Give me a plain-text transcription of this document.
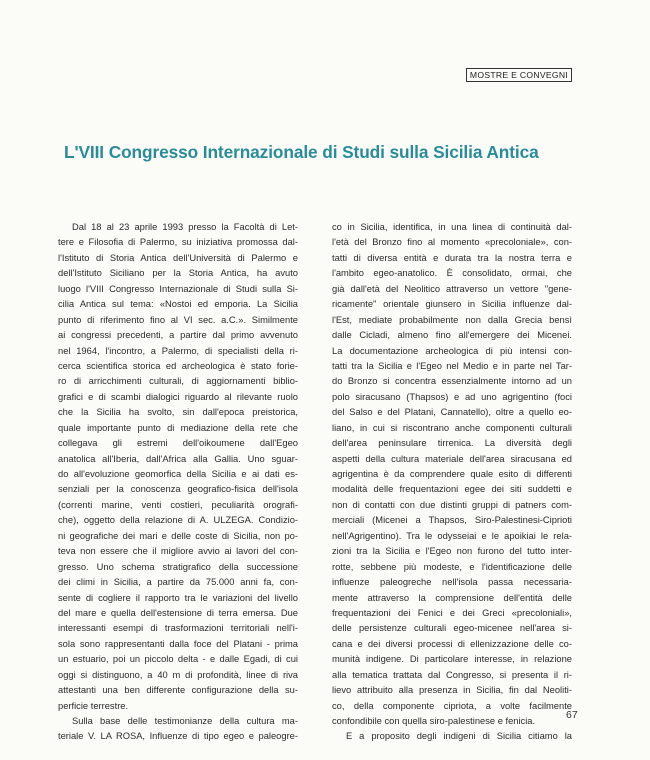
MOSTRE E CONVEGNI
L'VIII Congresso Internazionale di Studi sulla Sicilia Antica

Dal 18 al 23 aprile 1993 presso la Facoltà di Let-

tere e Filosofia di Palermo, su iniziativa promossa dal-

l'Istituto di Storia Antica dell'Università di Palermo e

dell'Istituto Siciliano per la Storia Antica, ha avuto

luogo l'VIII Congresso Internazionale di Studi sulla Si-

cilia Antica sul tema: «Nostoi ed emporia. La Sicilia

punto di riferimento fino al VI sec. a.C.». Similmente

ai congressi precedenti, a partire dal primo avvenuto

nel 1964, l'incontro, a Palermo, di specialisti della ri-

cerca scientifica storica ed archeologica è stato forie-

ro di arricchimenti culturali, di aggiornamenti biblio-

grafici e di scambi dialogici riguardo al rilevante ruolo

che la Sicilia ha svolto, sin dall'epoca preistorica,

quale importante punto di mediazione della rete che

collegava gli estremi dell'oikoumene dall'Egeo

anatolica all'Iberia, dall'Africa alla Gallia. Uno sguar-

do all'evoluzione geomorfica della Sicilia e ai dati es-

senziali per la conoscenza geografico-fisica dell'isola

(correnti marine, venti costieri, peculiarità orografi-

che), oggetto della relazione di A. ULZEGA. Condizio-

ni geografiche dei mari e delle coste di Sicilia, non po-

teva non essere che il migliore avvio ai lavori del con-

gresso. Uno schema stratigrafico della successione

dei climi in Sicilia, a partire da 75.000 anni fa, con-

sente di cogliere il rapporto tra le variazioni del livello

del mare e quella dell'estensione di terra emersa. Due

interessanti esempi di trasformazioni territoriali nell'i-

sola sono rappresentanti dalla foce del Platani - prima

un estuario, poi un piccolo delta - e dalle Egadi, di cui

oggi si distinguono, a 40 m di profondità, linee di riva

attestanti una ben differente configurazione della su-

perficie terrestre.

Sulla base delle testimonianze della cultura ma-

teriale V. LA ROSA, Influenze di tipo egeo e paleogre-

co in Sicilia, identifica, in una linea di continuità dal-

l'età del Bronzo fino al momento «precoloniale», con-

tatti di diversa entità e durata tra la nostra terra e

l'ambito egeo-anatolico. È consolidato, ormai, che

già dall'età del Neolitico attraverso un vettore ''gene-

ricamente'' orientale giunsero in Sicilia influenze dal-

l'Est, mediate probabilmente non dalla Grecia bensì

dalle Cicladi, almeno fino all'emergere dei Micenei.

La documentazione archeologica di più intensi con-

tatti tra la Sicilia e l'Egeo nel Medio e in parte nel Tar-

do Bronzo si concentra essenzialmente intorno ad un

polo siracusano (Thapsos) e ad uno agrigentino (foci

del Salso e del Platani, Cannatello), oltre a quello eo-

liano, in cui si riscontrano anche componenti culturali

dell'area peninsulare tirrenica. La diversità degli

aspetti della cultura materiale dell'area siracusana ed

agrigentina è da comprendere quale esito di differenti

modalità delle frequentazioni egee dei siti suddetti e

non di contatti con due distinti gruppi di patners com-

merciali (Micenei a Thapsos, Siro-Palestinesi-Ciprioti

nell'Agrigentino). Tra le odysseiai e le apoikiai le rela-

zioni tra la Sicilia e l'Egeo non furono del tutto inter-

rotte, sebbene più modeste, e l'identificazione delle

influenze paleogreche nell'isola passa necessaria-

mente attraverso la comprensione dell'entità delle

frequentazioni dei Fenici e dei Greci «precoloniali»,

delle persistenze culturali egeo-micenee nell'area si-

cana e dei diversi processi di ellenizzazione delle co-

munità indigene. Di particolare interesse, in relazione

alla tematica trattata dal Congresso, si presenta il ri-

lievo attribuito alla presenza in Sicilia, fin dal Neoliti-

co, della componente cipriota, a volte facilmente

confondibile con quella siro-palestinese e fenicia.

E a proposito degli indigeni di Sicilia citiamo la

67
